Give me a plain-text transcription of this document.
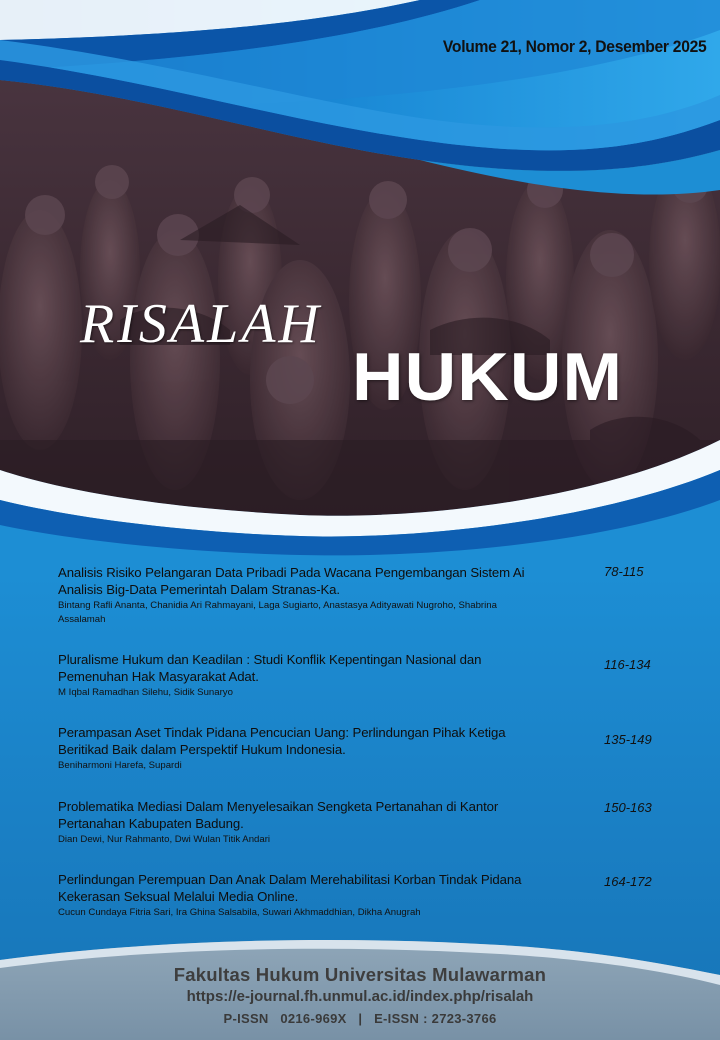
Volume 21, Nomor 2, Desember 2025
RISALAH
HUKUM
Analisis Risiko Pelangaran Data Pribadi Pada Wacana Pengembangan Sistem Ai Analisis Big-Data Pemerintah Dalam Stranas-Ka.
Bintang Rafli Ananta, Chanidia Ari Rahmayani, Laga Sugiarto, Anastasya Adityawati Nugroho, Shabrina Assalamah
78-115
Pluralisme Hukum dan Keadilan : Studi Konflik Kepentingan Nasional dan Pemenuhan Hak Masyarakat Adat.
M Iqbal Ramadhan Silehu, Sidik Sunaryo
116-134
Perampasan Aset Tindak Pidana Pencucian Uang: Perlindungan Pihak Ketiga Beritikad Baik dalam Perspektif Hukum Indonesia.
Beniharmoni Harefa, Supardi
135-149
Problematika Mediasi Dalam Menyelesaikan Sengketa Pertanahan di Kantor Pertanahan Kabupaten Badung.
Dian Dewi, Nur Rahmanto, Dwi Wulan Titik Andari
150-163
Perlindungan Perempuan Dan Anak Dalam Merehabilitasi Korban Tindak Pidana Kekerasan Seksual Melalui Media Online.
Cucun Cundaya Fitria Sari, Ira Ghina Salsabila, Suwari Akhmaddhian, Dikha Anugrah
164-172
Fakultas Hukum Universitas Mulawarman
https://e-journal.fh.unmul.ac.id/index.php/risalah
P-ISSN   0216-969X   |   E-ISSN : 2723-3766
